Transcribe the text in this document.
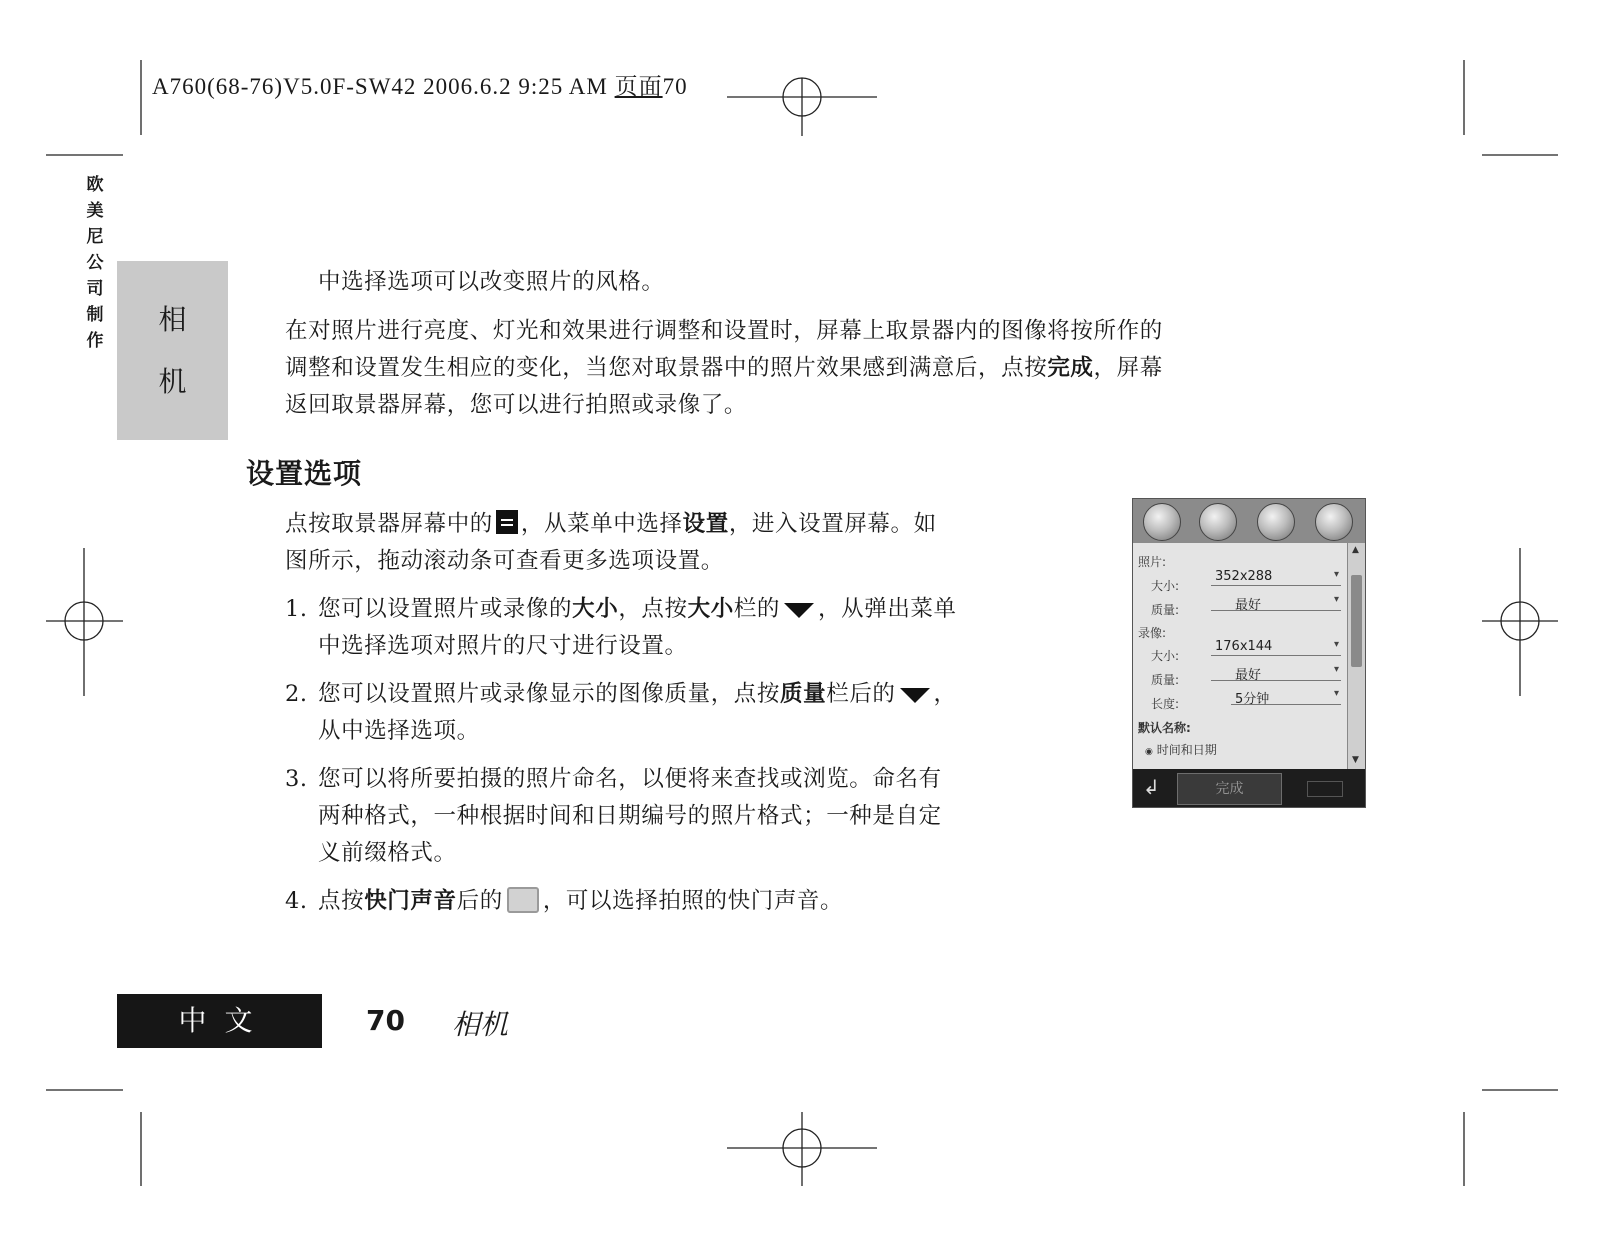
A760(68-76)V5.0F-SW42 2006.6.2 9:25 AM 页面70
欧美尼公司制作
相机
中选择选项可以改变照片的风格。
在对照片进行亮度、灯光和效果进行调整和设置时，屏幕上取景器内的图像将按所作的
调整和设置发生相应的变化，当您对取景器中的照片效果感到满意后，点按完成，屏幕
返回取景器屏幕，您可以进行拍照或录像了。
设置选项
点按取景器屏幕中的 ，从菜单中选择设置，进入设置屏幕。如
图所示，拖动滚动条可查看更多选项设置。
1. 您可以设置照片或录像的大小，点按大小栏的 ，从弹出菜单
中选择选项对照片的尺寸进行设置。
2. 您可以设置照片或录像显示的图像质量，点按质量栏后的 ，
从中选择选项。
3. 您可以将所要拍摄的照片命名，以便将来查找或浏览。命名有
两种格式，一种根据时间和日期编号的照片格式；一种是自定
义前缀格式。
4. 点按快门声音后的 ，可以选择拍照的快门声音。
照片:
大小:
352x288	▾
质量:	最好	▾
录像:
大小:
176x144	▾
质量:	最好	▾
长度:	5分钟	▾
默认名称:
◉ 时间和日期
▲
▼
↲	完成
中文	70 相机
